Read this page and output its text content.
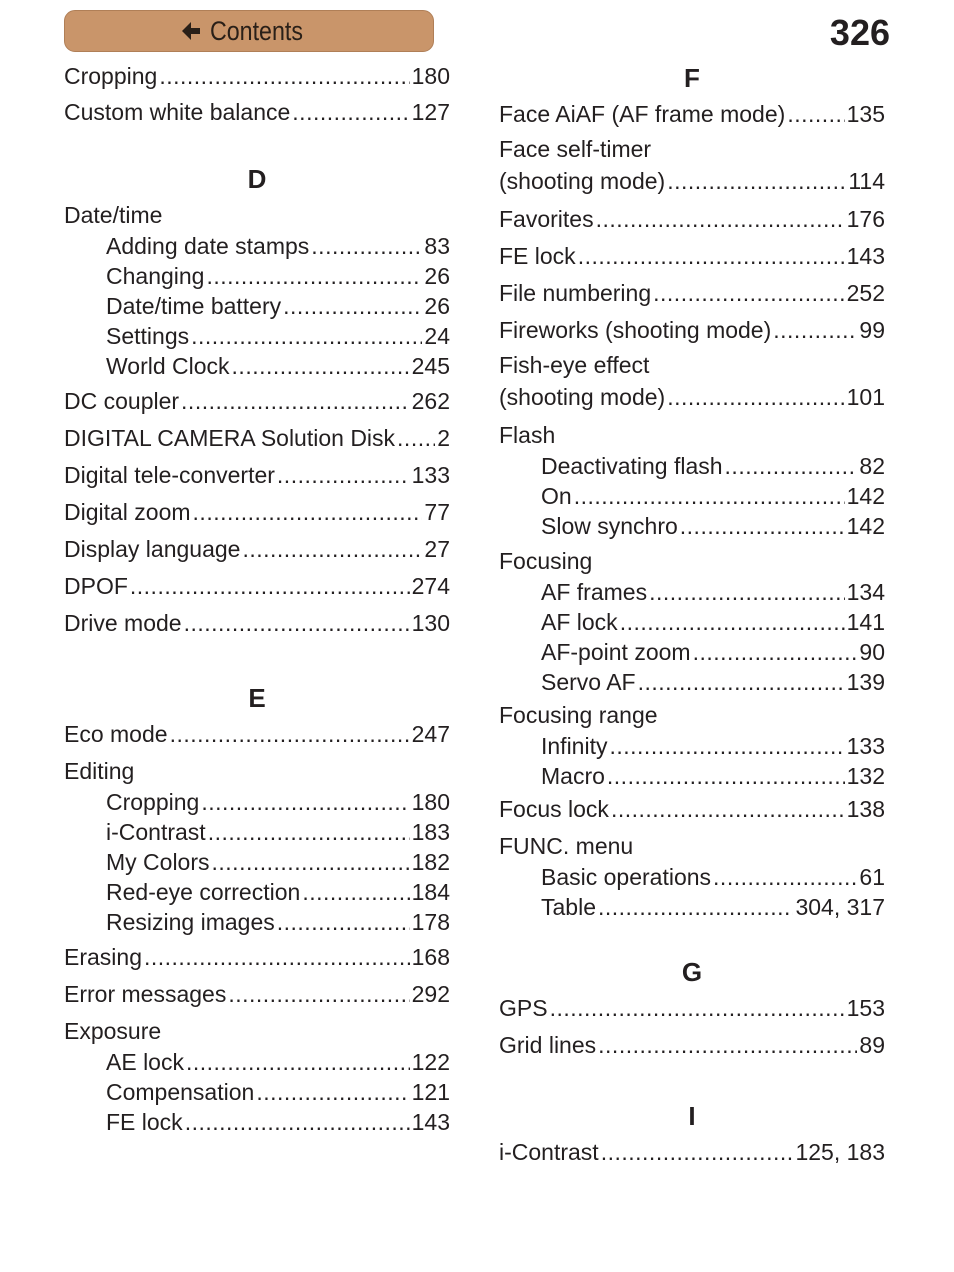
Contents	326
Cropping .....	180
Custom white balance .....	127
D
Date/time
Adding date stamps .....	83
Changing .....	26
Date/time battery .....	26
Settings .....	24
World Clock .....	245
DC coupler .....	262
DIGITAL CAMERA Solution Disk ..... 2
Digital tele-converter .....	133
Digital zoom .....	77
Display language .....	27
DPOF .....	274
Drive mode .....	130
E
Eco mode .....	247
Editing
Cropping .....	180
i-Contrast .....	183
My Colors .....	182
Red-eye correction .....	184
Resizing images .....	178
Erasing .....	168
Error messages .....	292
Exposure
AE lock .....	122
Compensation .....	121
FE lock .....	143
F
Face AiAF (AF frame mode) .....	135
Face self-timer
(shooting mode) .....	114
Favorites .....	176
FE lock .....	143
File numbering .....	252
Fireworks (shooting mode) .....	99
Fish-eye effect
(shooting mode) .....	101
Flash
Deactivating flash .....	82
On .....	142
Slow synchro .....	142
Focusing
AF frames .....	134
AF lock .....	141
AF-point zoom .....	90
Servo AF .....	139
Focusing range
Infinity .....	133
Macro .....	132
Focus lock .....	138
FUNC. menu
Basic operations .....	61
Table .....	304, 317
G
GPS .....	153
Grid lines .....	89
I
i-Contrast .....	125, 183
